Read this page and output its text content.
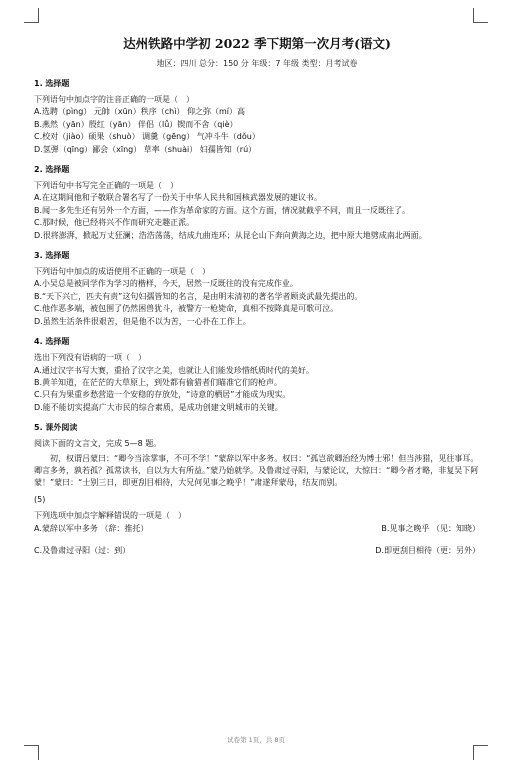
达州铁路中学初 2022 季下期第一次月考(语文)
地区：四川 总分：150 分 年级：7 年级 类型：月考试卷
1. 选择题
下列语句中加点字的注音正确的一项是（　）
A.选聘（pìng） 元帥（xūn）秩序（chì） 仰之弥（mí）高
B.燕然（yān）殷红（yān） 伴侣（lǚ）锲而不舍（qiè）
C.校对（jiào）硕果（shuò） 调羹（gēng） 气冲斗牛（dǒu）
D.氢弹（qīng）鄙会（xīng） 草率（shuài） 妇孺皆知（rú）
2. 选择题
下列语句中书写完全正确的一项是（　）
A.在这期间他和子敬联合署名写了一份关于中华人民共和国核武器发展的建议书。
B.闻一多先生还有另外一个方面，——作为革命家的方面。这个方面，情况就截乎不同，而且一反既往了。
C.那时候，他已经将兴不作而研究走趣正派。
D.很将澎湃，掀起万丈狂澜；浩浩荡荡，结成九曲连环；从昆仑山下奔向黄海之边，把中原大地劈成南北两面。
3. 选择题
下列语句中加点的成语使用不正确的一项是（　）
A.小吴总是被同学作为学习的楷样，今天，居然一反既往的没有完成作业。
B.“天下兴亡，匹夫有责”这句妇孺皆知的名言，是由明末清初的著名学者顾炎武最先提出的。
C.他作恶多端，被包围了仍然困兽犹斗，被警方一枪毙命，真相不按降真是可歌可泣。
D.虽然生活条件很艰苦，但是他不以为苦，一心扑在工作上。
4. 选择题
选出下列没有语病的一项（　）
A.通过汉字书写大赛，重拾了汉字之美，也就让人们能发珍惜纸质时代的美好。
B.黄羊知道，在茫茫的大草原上，到处都有偷猎者们瞄准它们的枪声。
C.只有为果重乡愁营造一个安稳的存放处，“诗意的栖居”才能成为现实。
D.能不能切实提高广大市民的综合素质，是成功创建文明城市的关键。
5. 课外阅读
阅读下面的文言文，完成 5—8 题。
初，权谓吕蒙曰：“卿今当涂掌事，不可不学！”蒙辞以军中多务。权曰：“孤岂欲卿治经为博士邪！但当涉猎，见往事耳。卿言多务，孰若孤？孤常读书，自以为大有所益。”蒙乃始就学。及鲁肃过寻阳，与蒙论议，大惊曰：“卿今者才略，非复吴下阿蒙！”蒙曰：“士别三日，即更刮目相待，大兄何见事之晚乎！”肃遂拜蒙母，结友而别。
(5)
下列选项中加点字解释错误的一项是（　）
A.蒙辞以军中多务 （辞：推托）	B.见事之晚乎 （见：知晓）
C.及鲁肃过寻阳（过：到）	D.即更刮目相待（更：另外）
试卷第 1页，共 8页
